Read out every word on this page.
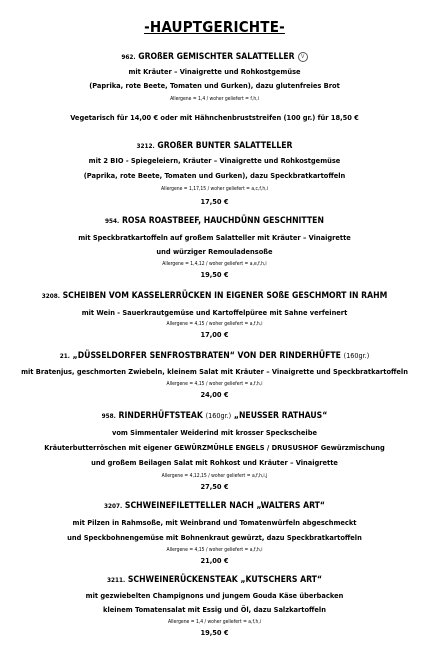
-HAUPTGERICHTE-
962. GROßER GEMISCHTER SALATTELLER V
mit Kräuter – Vinaigrette und Rohkostgemüse
(Paprika, rote Beete, Tomaten und Gurken), dazu glutenfreies Brot
Allergene = 1,4 / woher geliefert = f,h,i
Vegetarisch für 14,00 € oder mit Hähnchenbruststreifen (100 gr.) für 18,50 €
3212. GROßER BUNTER SALATTELLER
mit 2 BIO - Spiegeleiern, Kräuter – Vinaigrette und Rohkostgemüse
(Paprika, rote Beete, Tomaten und Gurken), dazu Speckbratkartoffeln
Allergene = 1,17,15 / woher geliefert = a,c,f,h,i
17,50 €
954. ROSA ROASTBEEF, HAUCHDÜNN GESCHNITTEN
mit Speckbratkartoffeln auf großem Salatteller mit Kräuter – Vinaigrette
und würziger Remouladensoße
Allergene = 1,4,12 / woher geliefert = a,e,f,h,i
19,50 €
3208. SCHEIBEN VOM KASSELERRÜCKEN IN EIGENER SOßE GESCHMORT IN RAHM
mit Wein - Sauerkrautgemüse und Kartoffelpüree mit Sahne verfeinert
Allergene = 4,15 / woher geliefert = a,f,h,i
17,00 €
21. „DÜSSELDORFER SENFROSTBRATEN“ VON DER RINDERHÜFTE (160gr.)
mit Bratenjus, geschmorten Zwiebeln, kleinem Salat mit Kräuter – Vinaigrette und Speckbratkartoffeln
Allergene = 4,15 / woher geliefert = a,f,h,i
24,00 €
958. RINDERHÜFTSTEAK (160gr.) „NEUSSER RATHAUS“
vom Simmentaler Weiderind mit krosser Speckscheibe
Kräuterbutterröschen mit eigener GEWÜRZMÜHLE ENGELS / DRUSUSHOF Gewürzmischung
und großem Beilagen Salat mit Rohkost und Kräuter – Vinaigrette
Allergene = 4,12,15 / woher geliefert = a,f,h,i,j
27,50 €
3207. SCHWEINEFILETTELLER NACH „WALTERS ART“
mit Pilzen in Rahmsoße, mit Weinbrand und Tomatenwürfeln abgeschmeckt
und Speckbohnengemüse mit Bohnenkraut gewürzt, dazu Speckbratkartoffeln
Allergene = 4,15 / woher geliefert = a,f,h,i
21,00 €
3211. SCHWEINERÜCKENSTEAK „KUTSCHERS ART“
mit gezwiebelten Champignons und jungem Gouda Käse überbacken
kleinem Tomatensalat mit Essig und Öl, dazu Salzkartoffeln
Allergene = 1,4 / woher geliefert = a,f,h,i
19,50 €
